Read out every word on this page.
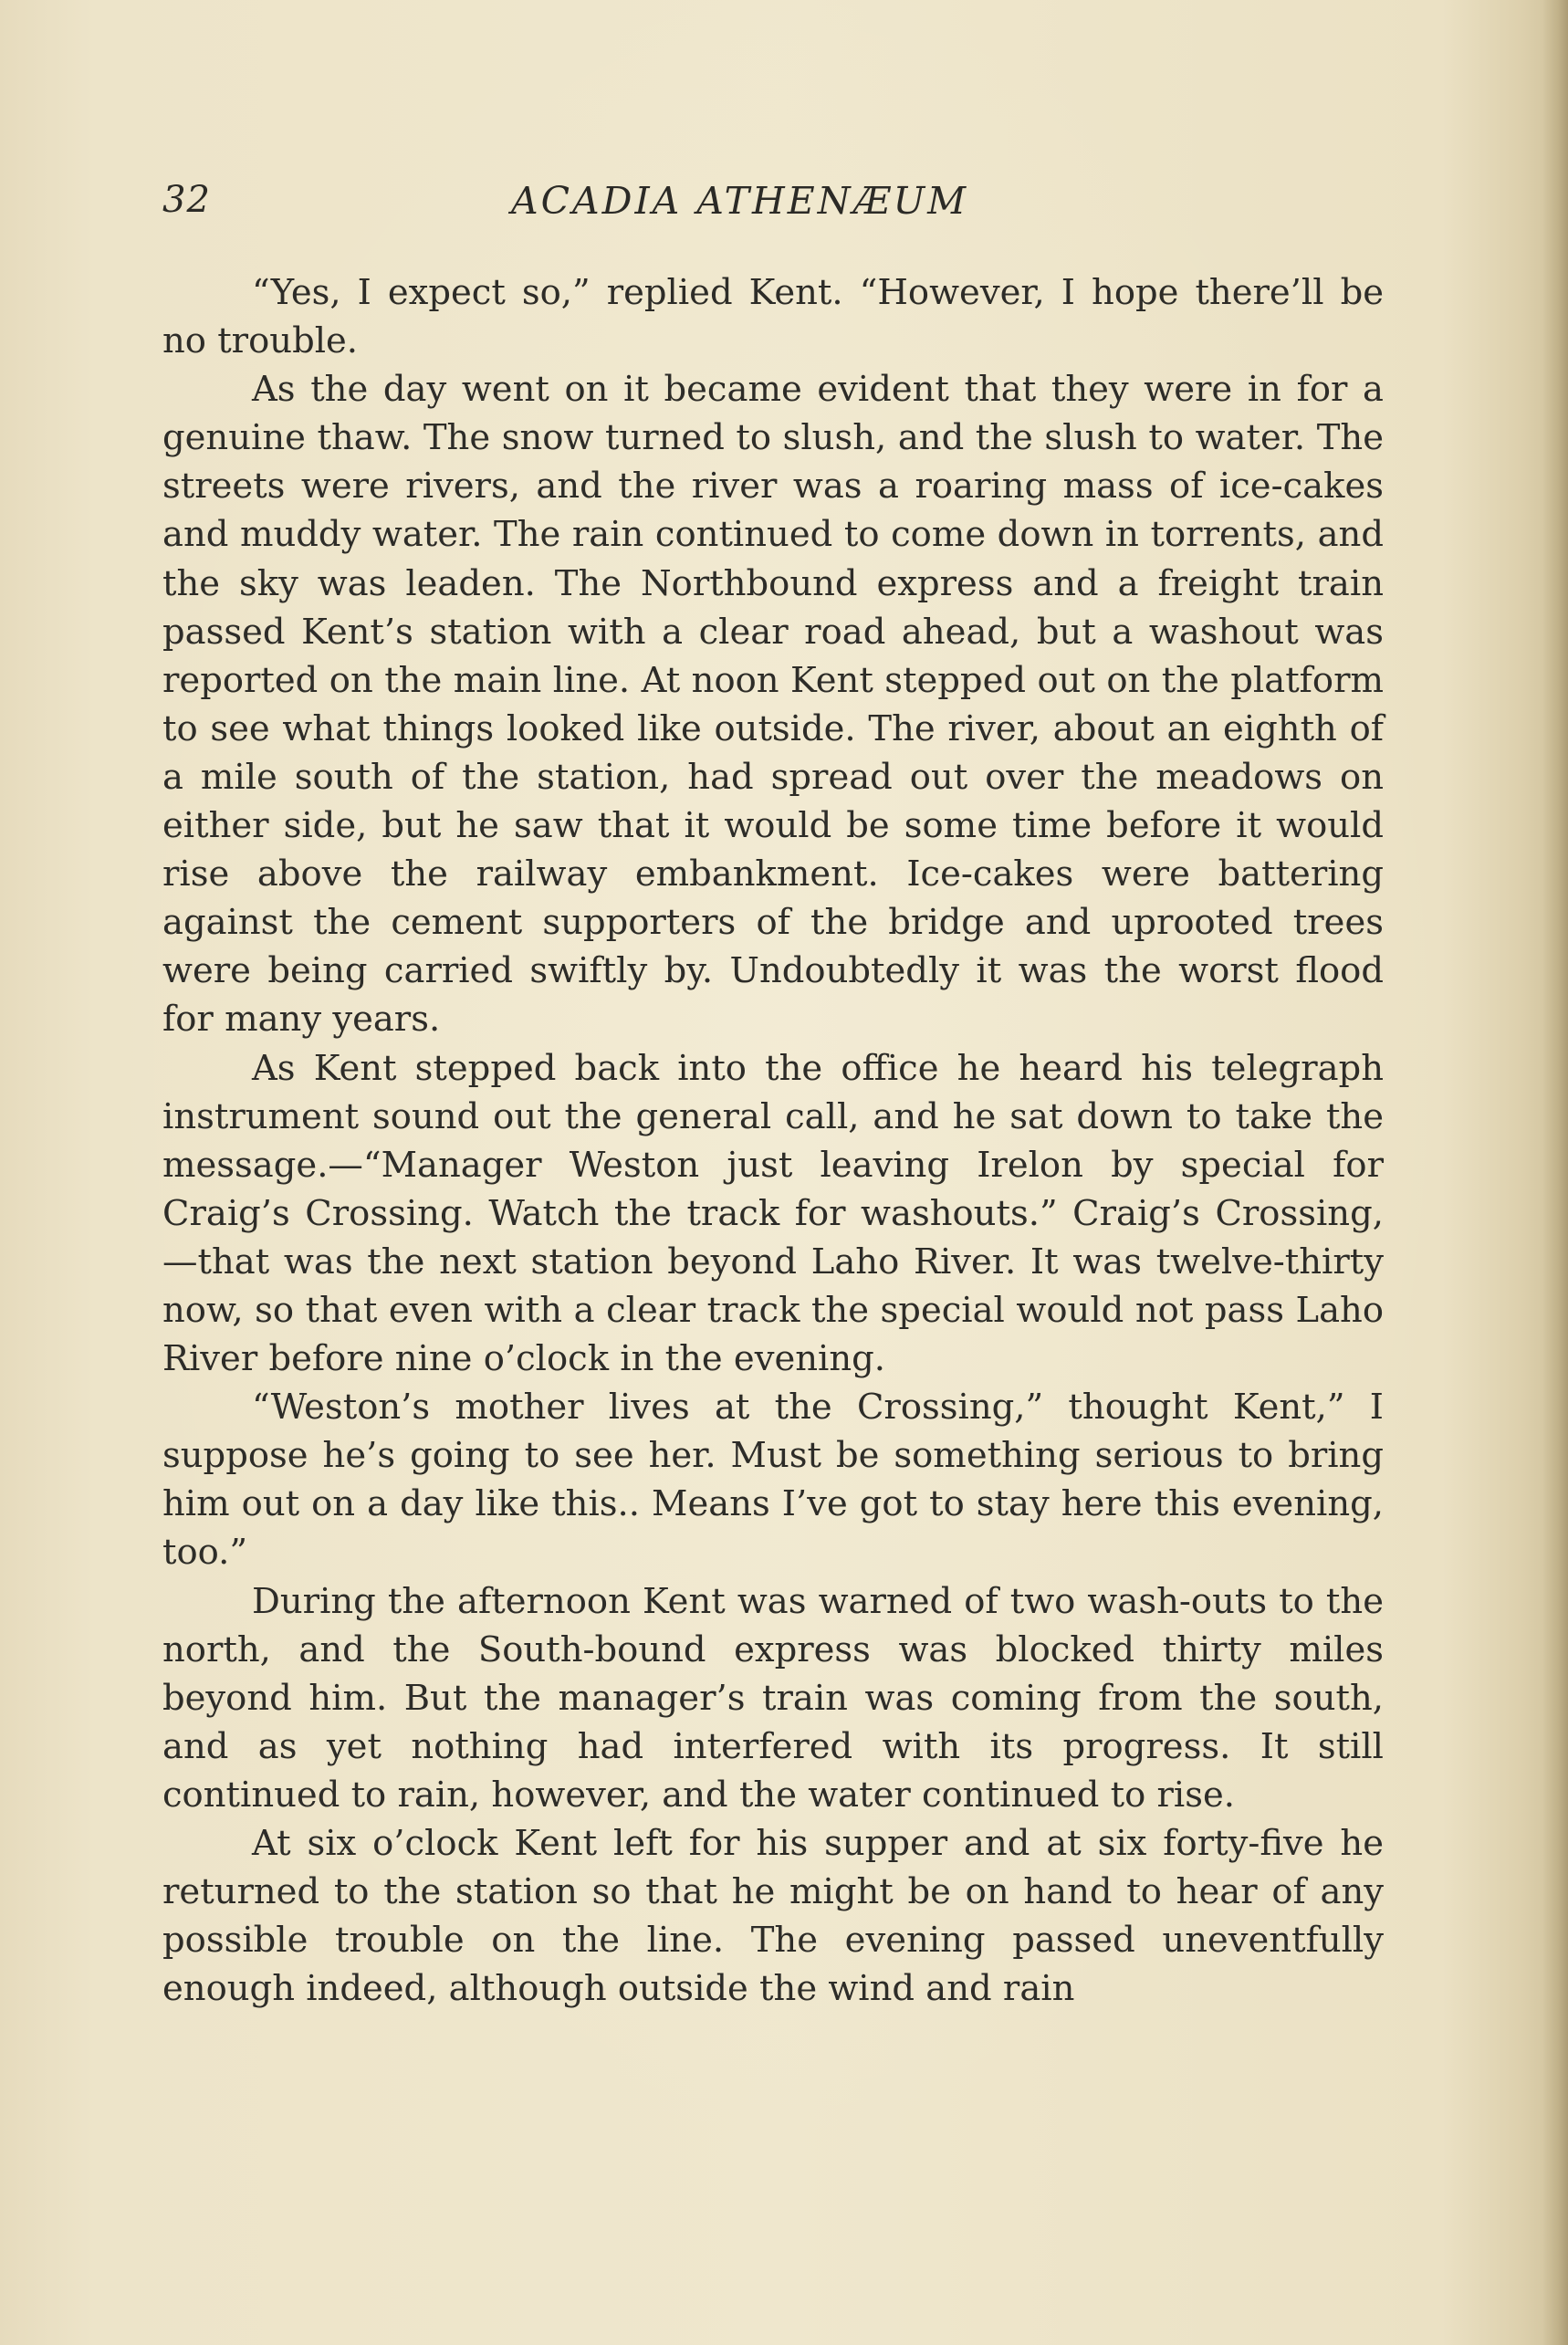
32	ACADIA ATHENÆUM

“Yes, I expect so,” replied Kent. “However, I hope there’ll be no trouble.

As the day went on it became evident that they were in for a genuine thaw. The snow turned to slush, and the slush to water. The streets were rivers, and the river was a roaring mass of ice-cakes and muddy water. The rain continued to come down in torrents, and the sky was leaden. The Northbound express and a freight train passed Kent’s station with a clear road ahead, but a washout was reported on the main line. At noon Kent stepped out on the platform to see what things looked like outside. The river, about an eighth of a mile south of the station, had spread out over the meadows on either side, but he saw that it would be some time before it would rise above the railway embankment. Ice-cakes were battering against the cement supporters of the bridge and uprooted trees were being carried swiftly by. Undoubtedly it was the worst flood for many years.

As Kent stepped back into the office he heard his telegraph instrument sound out the general call, and he sat down to take the message.—“Manager Weston just leaving Irelon by special for Craig’s Crossing. Watch the track for washouts.” Craig’s Crossing,—that was the next station beyond Laho River. It was twelve-thirty now, so that even with a clear track the special would not pass Laho River before nine o’clock in the evening.

“Weston’s mother lives at the Crossing,” thought Kent,” I suppose he’s going to see her. Must be something serious to bring him out on a day like this.. Means I’ve got to stay here this evening, too.”

During the afternoon Kent was warned of two wash-outs to the north, and the South-bound express was blocked thirty miles beyond him. But the manager’s train was coming from the south, and as yet nothing had interfered with its progress. It still continued to rain, however, and the water continued to rise.

At six o’clock Kent left for his supper and at six forty-five he returned to the station so that he might be on hand to hear of any possible trouble on the line. The evening passed uneventfully enough indeed, although outside the wind and rain
